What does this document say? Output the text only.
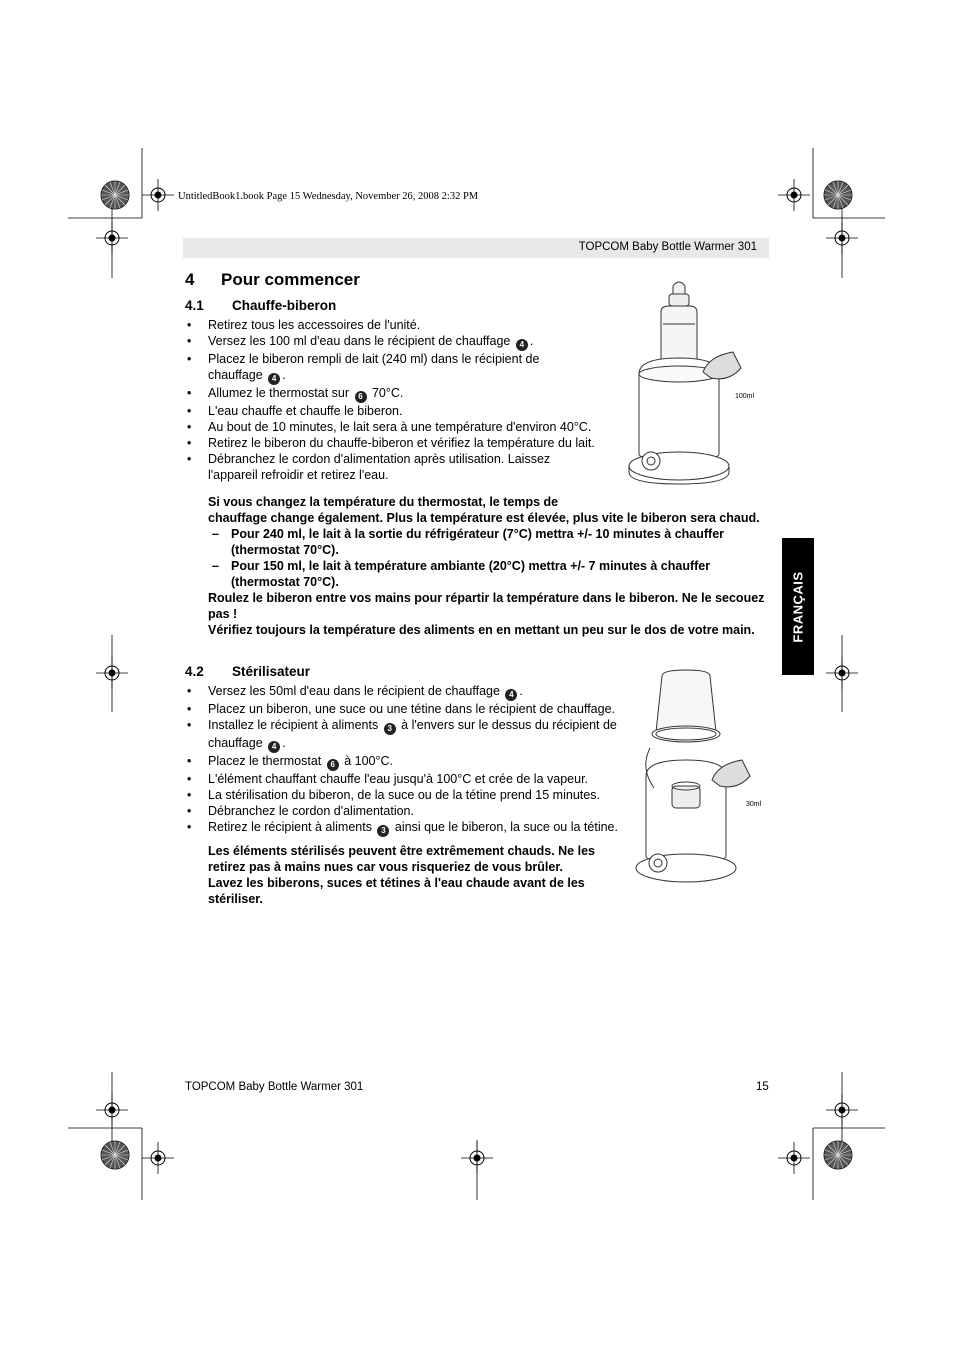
UntitledBook1.book Page 15 Wednesday, November 26, 2008 2:32 PM
TOPCOM Baby Bottle Warmer 301
4 Pour commencer
4.1 Chauffe-biberon
• Retirez tous les accessoires de l'unité.
• Versez les 100 ml d'eau dans le récipient de chauffage 4 .
• Placez le biberon rempli de lait (240 ml) dans le récipient de chauffage 4 .
• Allumez le thermostat sur 6 70°C.
• L'eau chauffe et chauffe le biberon.
• Au bout de 10 minutes, le lait sera à une température d'environ 40°C.
• Retirez le biberon du chauffe-biberon et vérifiez la température du lait.
• Débranchez le cordon d'alimentation après utilisation. Laissez l'appareil refroidir et retirez l'eau.
Si vous changez la température du thermostat, le temps de
chauffage change également. Plus la température est élevée, plus vite le biberon sera chaud.
– Pour 240 ml, le lait à la sortie du réfrigérateur (7°C) mettra +/- 10 minutes à chauffer (thermostat 70°C).
– Pour 150 ml, le lait à température ambiante (20°C) mettra +/- 7 minutes à chauffer (thermostat 70°C).
Roulez le biberon entre vos mains pour répartir la température dans le biberon. Ne le secouez pas !
Vérifiez toujours la température des aliments en en mettant un peu sur le dos de votre main.
100ml
4.2 Stérilisateur
• Versez les 50ml d'eau dans le récipient de chauffage 4 .
• Placez un biberon, une suce ou une tétine dans le récipient de chauffage.
• Installez le récipient à aliments 3 à l'envers sur le dessus du récipient de chauffage 4 .
• Placez le thermostat 6 à 100°C.
• L'élément chauffant chauffe l'eau jusqu'à 100°C et crée de la vapeur.
• La stérilisation du biberon, de la suce ou de la tétine prend 15 minutes.
• Débranchez le cordon d'alimentation.
• Retirez le récipient à aliments 3 ainsi que le biberon, la suce ou la tétine.
Les éléments stérilisés peuvent être extrêmement chauds. Ne les retirez pas à mains nues car vous risqueriez de vous brûler.
Lavez les biberons, suces et tétines à l'eau chaude avant de les stériliser.
30ml
FRANÇAIS
TOPCOM Baby Bottle Warmer 301	15
